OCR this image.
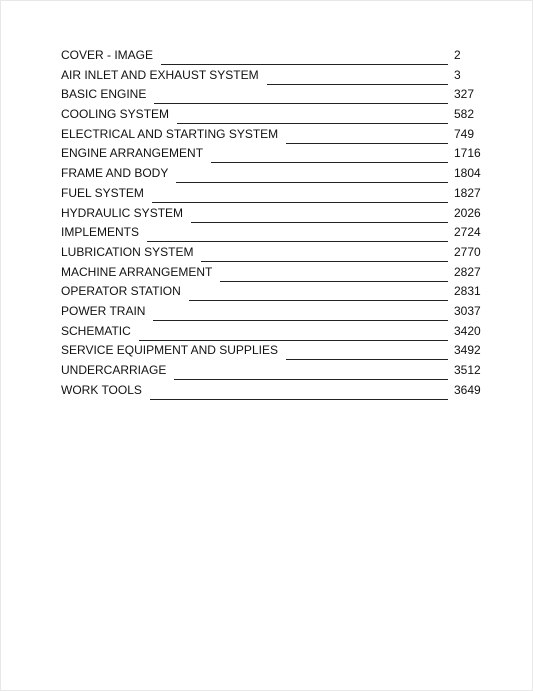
COVER - IMAGE	2
AIR INLET AND EXHAUST SYSTEM	3
BASIC ENGINE	327
COOLING SYSTEM	582
ELECTRICAL AND STARTING SYSTEM	749
ENGINE ARRANGEMENT	1716
FRAME AND BODY	1804
FUEL SYSTEM	1827
HYDRAULIC SYSTEM	2026
IMPLEMENTS	2724
LUBRICATION SYSTEM	2770
MACHINE ARRANGEMENT	2827
OPERATOR STATION	2831
POWER TRAIN	3037
SCHEMATIC	3420
SERVICE EQUIPMENT AND SUPPLIES	3492
UNDERCARRIAGE	3512
WORK TOOLS	3649
